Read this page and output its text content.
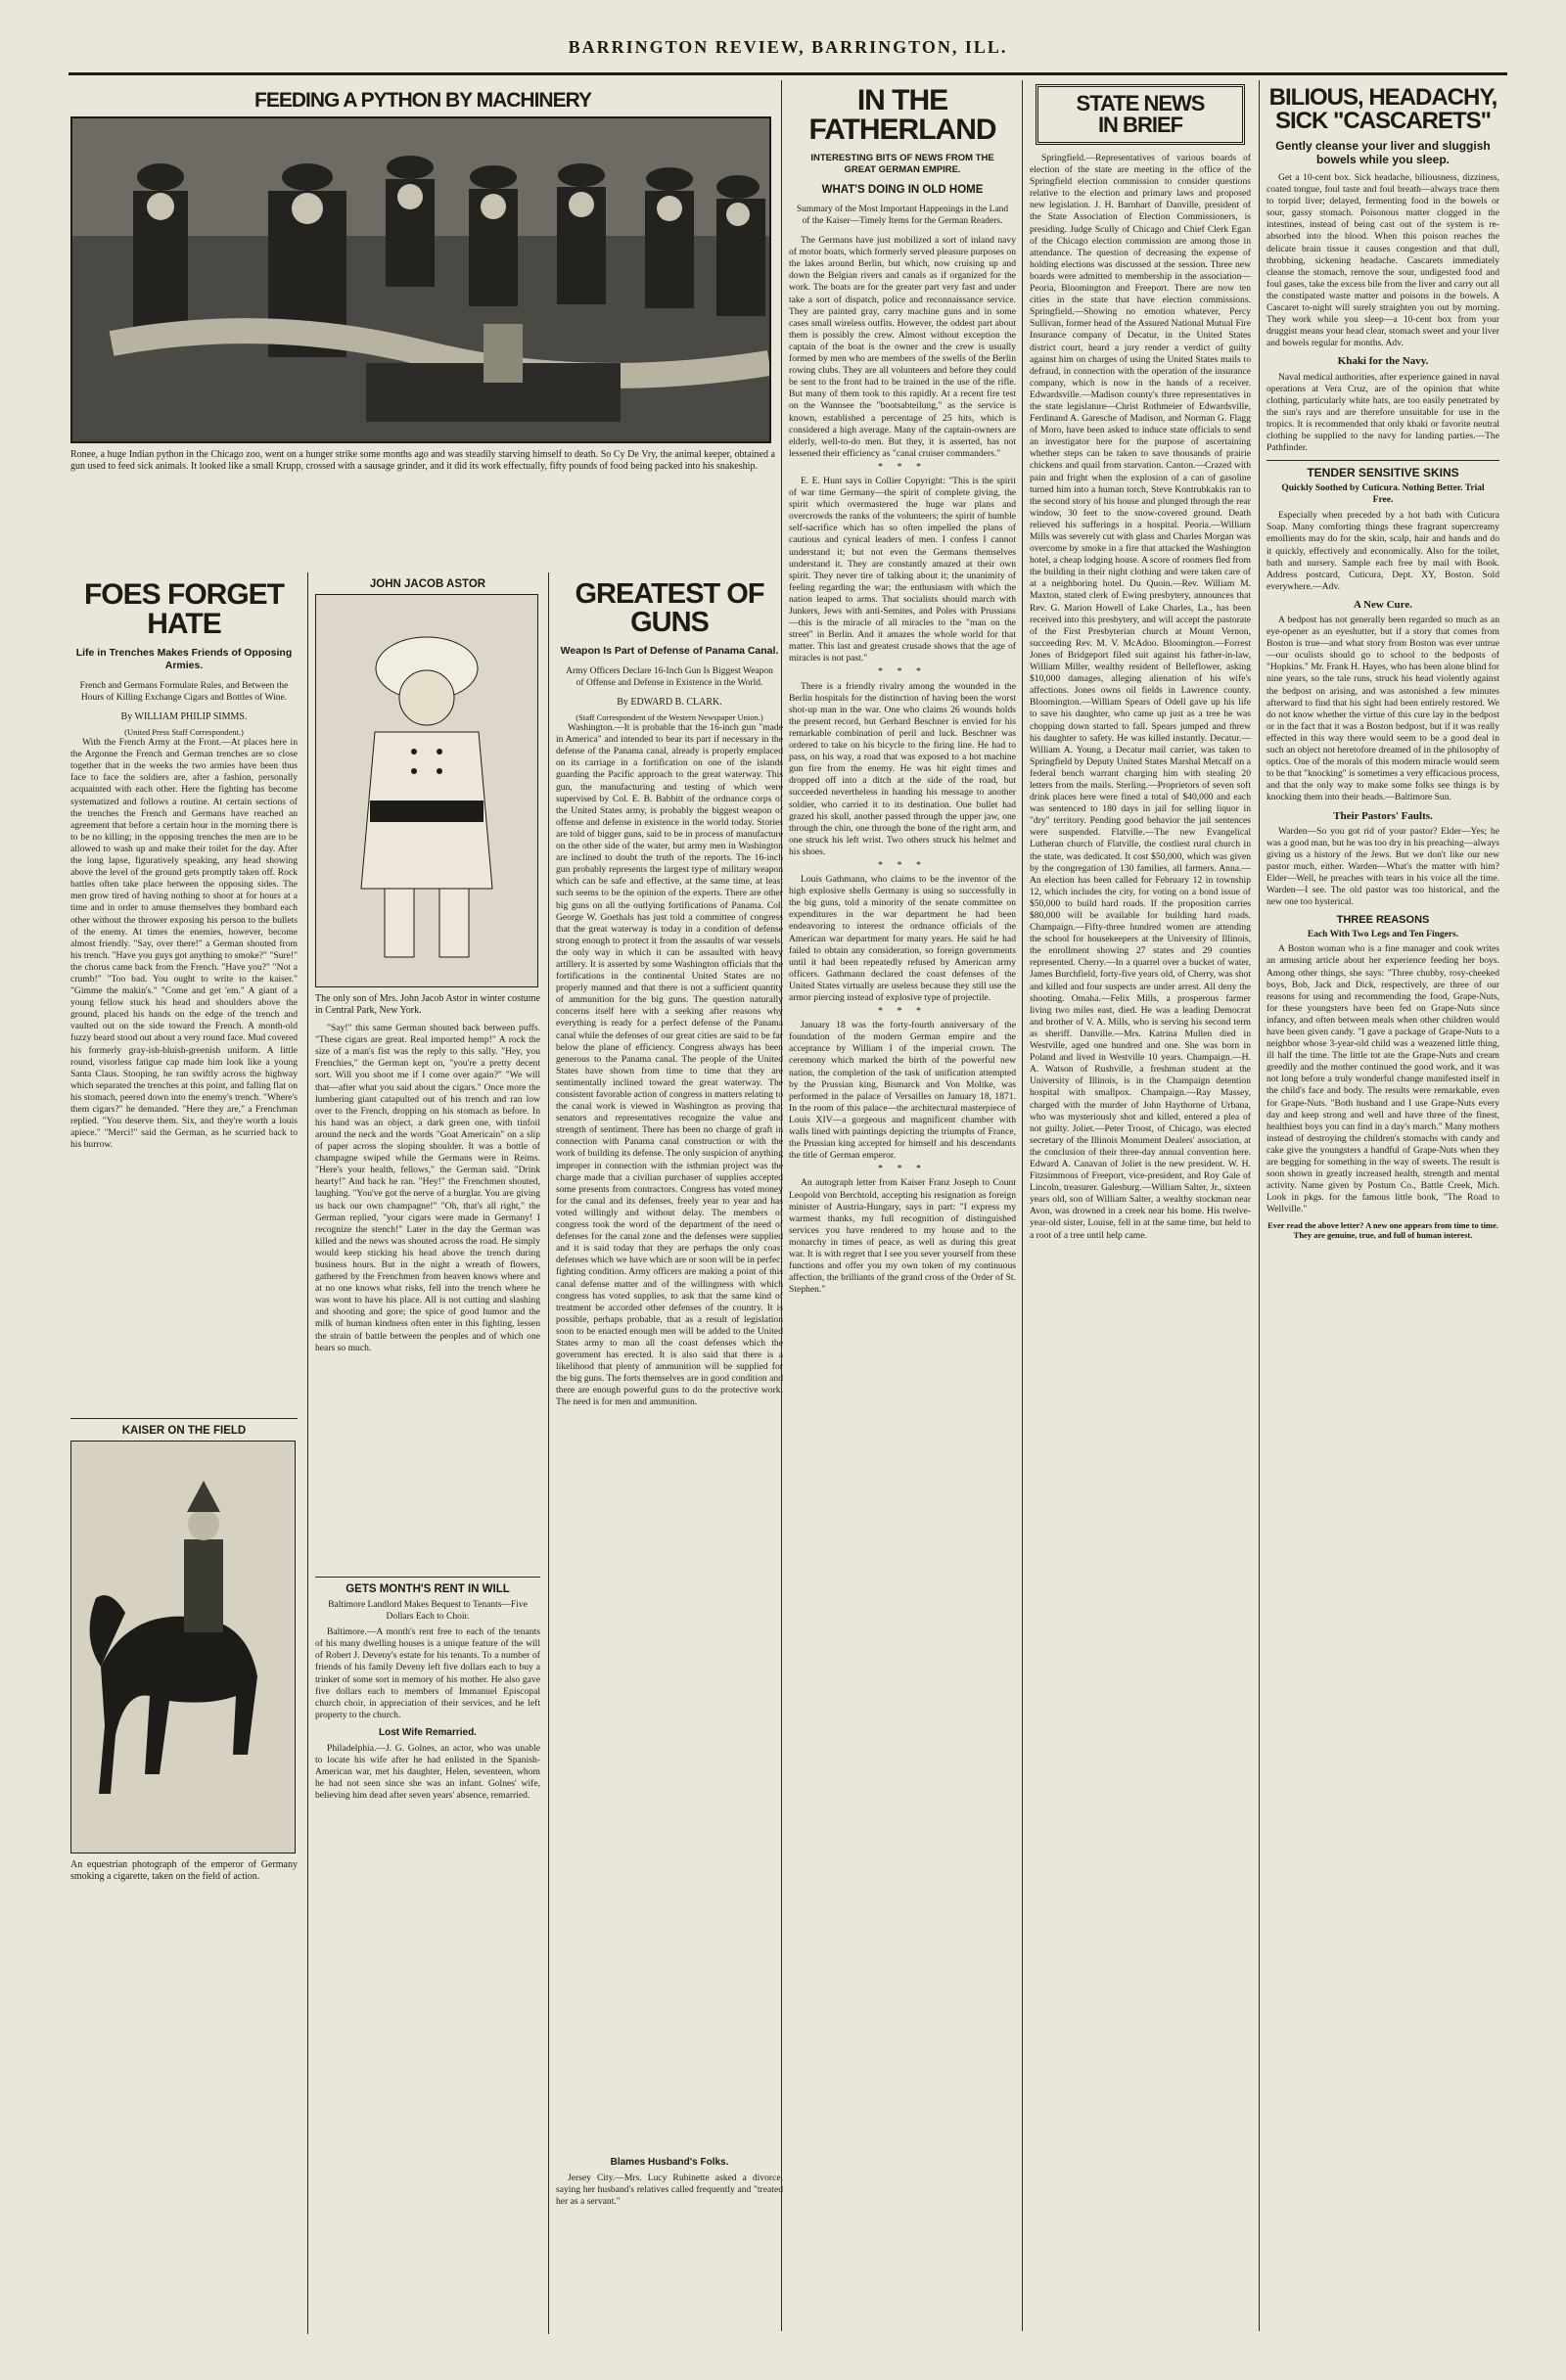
BARRINGTON REVIEW, BARRINGTON, ILL.
FEEDING A PYTHON BY MACHINERY
Ronee, a huge Indian python in the Chicago zoo, went on a hunger strike some months ago and was steadily starving himself to death. So Cy De Vry, the animal keeper, obtained a gun used to feed sick animals. It looked like a small Krupp, crossed with a sausage grinder, and it did its work effectually, fifty pounds of food being packed into his snakeship.
FOES FORGET HATE
Life in Trenches Makes Friends of Opposing Armies.
French and Germans Formulate Rules, and Between the Hours of Killing Exchange Cigars and Bottles of Wine.
By WILLIAM PHILIP SIMMS.
(United Press Staff Correspondent.)

With the French Army at the Front.—At places here in the Argonne the French and German trenches are so close together that in the weeks the two armies have been thus face to face the soldiers are, after a fashion, personally acquainted with each other. Here the fighting has become systematized and follows a routine. At certain sections of the trenches the French and Germans have reached an agreement that before a certain hour in the morning there is to be no killing; in the opposing trenches the men are to be allowed to wash up and make their toilet for the day. After the long lapse, figuratively speaking, any head showing above the level of the ground gets promptly taken off. Rock battles often take place between the opposing sides. The men grow tired of having nothing to shoot at for hours at a time and in order to amuse themselves they bombard each other without the thrower exposing his person to the bullets of the enemy. At times the enemies, however, become almost friendly. "Say, over there!" a German shouted from his trench. "Have you guys got anything to smoke?" "Sure!" the chorus came back from the French. "Have you?" "Not a crumb!" "Too bad. You ought to write to the kaiser." "Gimme the makin's." "Come and get 'em." A giant of a young fellow stuck his head and shoulders above the ground, placed his hands on the edge of the trench and vaulted out on the side toward the French. A month-old fuzzy beard stood out about a very round face. Mud covered his formerly gray-ish-bluish-greenish uniform. A little round, visorless fatigue cap made him look like a young Santa Claus. Stooping, he ran swiftly across the highway which separated the trenches at this point, and falling flat on his stomach, peered down into the enemy's trench. "Where's them cigars?" he demanded. "Here they are," a Frenchman replied. "You deserve them. Six, and they're worth a louis apiece." "Merci!" said the German, as he scurried back to his burrow.

KAISER ON THE FIELD
An equestrian photograph of the emperor of Germany smoking a cigarette, taken on the field of action.
JOHN JACOB ASTOR
The only son of Mrs. John Jacob Astor in winter costume in Central Park, New York.

"Say!" this same German shouted back between puffs. "These cigars are great. Real imported hemp!" A rock the size of a man's fist was the reply to this sally. "Hey, you Frenchies," the German kept on, "you're a pretty decent sort. Will you shoot me if I come over again?" "We will that—after what you said about the cigars." Once more the lumbering giant catapulted out of his trench and ran low over to the French, dropping on his stomach as before. In his hand was an object, a dark green one, with tinfoil around the neck and the words "Goat Americain" on a slip of paper across the sloping shoulder. It was a bottle of champagne swiped while the Germans were in Reims. "Here's your health, fellows," the German said. "Drink hearty!" And back he ran. "Hey!" the Frenchmen shouted, laughing. "You've got the nerve of a burglar. You are giving us back our own champagne!" "Oh, that's all right," the German replied, "your cigars were made in Germany! I recognize the stench!" Later in the day the German was killed and the news was shouted across the road. He simply would keep sticking his head above the trench during business hours. But in the night a wreath of flowers, gathered by the Frenchmen from heaven knows where and at no one knows what risks, fell into the trench where he was wont to have his place. All is not cutting and slashing and shooting and gore; the spice of good humor and the milk of human kindness often enter in this fighting, lessen the strain of battle between the peoples and of which one hears so much.

GETS MONTH'S RENT IN WILL
Baltimore Landlord Makes Bequest to Tenants—Five Dollars Each to Choir.

Baltimore.—A month's rent free to each of the tenants of his many dwelling houses is a unique feature of the will of Robert J. Deveny's estate for his tenants. To a number of friends of his family Deveny left five dollars each to buy a trinket of some sort in memory of his mother. He also gave five dollars each to members of Immanuel Episcopal church choir, in appreciation of their services, and he left property to the church.

Lost Wife Remarried.

Philadelphia.—J. G. Golnes, an actor, who was unable to locate his wife after he had enlisted in the Spanish-American war, met his daughter, Helen, seventeen, whom he had not seen since she was an infant. Golnes' wife, believing him dead after seven years' absence, remarried.

GREATEST OF GUNS
Weapon Is Part of Defense of Panama Canal.
Army Officers Declare 16-Inch Gun Is Biggest Weapon of Offense and Defense in Existence in the World.
By EDWARD B. CLARK.
(Staff Correspondent of the Western Newspaper Union.)

Washington.—It is probable that the 16-inch gun "made in America" and intended to bear its part if necessary in the defense of the Panama canal, already is properly emplaced on its carriage in a fortification on one of the islands guarding the Pacific approach to the great waterway. This gun, the manufacturing and testing of which were supervised by Col. E. B. Babbitt of the ordnance corps of the United States army, is probably the biggest weapon of offense and defense in existence in the world today. Stories are told of bigger guns, said to be in process of manufacture on the other side of the water, but army men in Washington are inclined to doubt the truth of the reports. The 16-inch gun probably represents the largest type of military weapon which can be safe and effective, at the same time, at least such seems to be the opinion of the experts. There are other big guns on all the outlying fortifications of Panama. Col. George W. Goethals has just told a committee of congress that the great waterway is today in a condition of defense strong enough to protect it from the assaults of war vessels, the only way in which it can be assaulted with heavy artillery. It is asserted by some Washington officials that the fortifications in the continental United States are not properly manned and that there is not a sufficient quantity of ammunition for the big guns. The question naturally concerns itself here with a seeking after reasons why everything is ready for a perfect defense of the Panama canal while the defenses of our great cities are said to be far below the plane of efficiency. Congress always has been generous to the Panama canal. The people of the United States have shown from time to time that they are sentimentally inclined toward the great waterway. The consistent favorable action of congress in matters relating to the canal work is viewed in Washington as proving that senators and representatives recognize the value and strength of sentiment. There has been no charge of graft in connection with Panama canal construction or with the work of building its defense. The only suspicion of anything improper in connection with the isthmian project was the charge made that a civilian purchaser of supplies accepted some presents from contractors. Congress has voted money for the canal and its defenses, freely year to year and has voted willingly and without delay. The members of congress took the word of the department of the need of defenses for the canal zone and the defenses were supplied and it is said today that they are perhaps the only coast defenses which we have which are or soon will be in perfect fighting condition. Army officers are making a point of this canal defense matter and of the willingness with which congress has voted supplies, to ask that the same kind of treatment be accorded other defenses of the country. It is possible, perhaps probable, that as a result of legislation soon to be enacted enough men will be added to the United States army to man all the coast defenses which the government has erected. It is also said that there is a likelihood that plenty of ammunition will be supplied for the big guns. The forts themselves are in good condition and there are enough powerful guns to do the protective work. The need is for men and ammunition.

Blames Husband's Folks.

Jersey City.—Mrs. Lucy Rubinette asked a divorce, saying her husband's relatives called frequently and "treated her as a servant."

IN THE FATHERLAND
INTERESTING BITS OF NEWS FROM THE GREAT GERMAN EMPIRE.
WHAT'S DOING IN OLD HOME
Summary of the Most Important Happenings in the Land of the Kaiser—Timely Items for the German Readers.

The Germans have just mobilized a sort of inland navy of motor boats, which formerly served pleasure purposes on the lakes around Berlin, but which, now cruising up and down the Belgian rivers and canals as if organized for the work. The boats are for the greater part very fast and under take a sort of dispatch, police and reconnaissance service. They are painted gray, carry machine guns and in some cases small wireless outfits. However, the oddest part about them is possibly the crew. Almost without exception the captain of the boat is the owner and the crew is usually formed by men who are members of the swells of the Berlin rowing clubs. They are all volunteers and before they could be sent to the front had to be trained in the use of the rifle. But many of them took to this rapidly. At a recent fire test on the Wannsee the "bootsabteilung," as the service is known, established a percentage of 25 hits, which is considered a high average. Many of the captain-owners are elderly, well-to-do men. But they, it is asserted, has not lessened their efficiency as "canal cruiser commanders."

* * *

E. E. Hunt says in Collier Copyright: "This is the spirit of war time Germany—the spirit of complete giving, the spirit which overmastered the huge war plans and overcrowds the ranks of the volunteers; the spirit of humble self-sacrifice which has so often impelled the plans of cautious and cynical leaders of men. I confess I cannot understand it; but not even the Germans themselves understand it. They are constantly amazed at their own spirit. They never tire of talking about it; the unanimity of feeling regarding the war; the enthusiasm with which the nation leaped to arms. That socialists should march with Junkers, Jews with anti-Semites, and Poles with Prussians—this is the miracle of all miracles to the "man on the street" in Berlin. And it amazes the whole world for that matter. This last and greatest crusade shows that the age of miracles is not past."

* * *

There is a friendly rivalry among the wounded in the Berlin hospitals for the distinction of having been the worst shot-up man in the war. One who claims 26 wounds holds the present record, but Gerhard Beschner is envied for his remarkable combination of peril and luck. Beschner was ordered to take on his bicycle to the firing line. He had to pass, on his way, a road that was exposed to a hot machine gun fire from the enemy. He was hit eight times and dropped off into a ditch at the side of the road, but succeeded nevertheless in handing his message to another soldier, who carried it to its destination. One bullet had grazed his skull, another passed through the upper jaw, one through the chin, one through the bone of the right arm, and one struck his left wrist. Two others struck his helmet and his shoes.

* * *

Louis Gathmann, who claims to be the inventor of the high explosive shells Germany is using so successfully in the big guns, told a minority of the senate committee on expenditures in the war department he had been endeavoring to interest the ordnance officials of the American war department for many years. He said he had failed to obtain any consideration, so foreign governments until it had been repeatedly refused by American army officers. Gathmann declared the coast defenses of the United States virtually are useless because they still use the armor piercing instead of explosive type of projectile.

* * *

January 18 was the forty-fourth anniversary of the foundation of the modern German empire and the acceptance by William I of the imperial crown. The ceremony which marked the birth of the powerful new nation, the completion of the task of unification attempted by the Prussian king, Bismarck and Von Moltke, was performed in the palace of Versailles on January 18, 1871. In the room of this palace—the architectural masterpiece of Louis XIV—a gorgeous and magnificent chamber with walls lined with paintings depicting the triumphs of France, the Prussian king accepted for himself and his descendants the title of German emperor.

* * *

An autograph letter from Kaiser Franz Joseph to Count Leopold von Berchtold, accepting his resignation as foreign minister of Austria-Hungary, says in part: "I express my warmest thanks, my full recognition of distinguished services you have rendered to my house and to the monarchy in times of peace, as well as during this great war. It is with regret that I see you sever yourself from these functions and offer you my own token of my continuous affection, the brilliants of the grand cross of the Order of St. Stephen."

STATE NEWS
IN BRIEF

Springfield.—Representatives of various boards of election of the state are meeting in the office of the Springfield election commission to consider questions relative to the election and primary laws and proposed new legislation. J. H. Barnhart of Danville, president of the State Association of Election Commissioners, is presiding. Judge Scully of Chicago and Chief Clerk Egan of the Chicago election commission are among those in attendance. The question of decreasing the expense of holding elections was discussed at the session. Three new boards were admitted to membership in the association—Peoria, Bloomington and Freeport. There are now ten cities in the state that have election commissions. Springfield.—Showing no emotion whatever, Percy Sullivan, former head of the Assured National Mutual Fire Insurance company of Decatur, in the United States district court, heard a jury render a verdict of guilty against him on charges of using the United States mails to defraud, in connection with the operation of the insurance company, which is now in the hands of a receiver. Edwardsville.—Madison county's three representatives in the state legislature—Christ Rothmeier of Edwardsville, Ferdinand A. Garesche of Madison, and Norman G. Flagg of Moro, have been asked to induce state officials to send an investigator here for the purpose of ascertaining whether steps can be taken to save thousands of prairie chickens and quail from starvation. Canton.—Crazed with pain and fright when the explosion of a can of gasoline turned him into a human torch, Steve Kontrubkakis ran to the second story of his house and plunged through the rear window, 30 feet to the snow-covered ground. Death relieved his sufferings in a hospital. Peoria.—William Mills was severely cut with glass and Charles Morgan was overcome by smoke in a fire that attacked the Washington hotel, a cheap lodging house. A score of roomers fled from the building in their night clothing and were taken care of at a neighboring hotel. Du Quoin.—Rev. William M. Maxton, stated clerk of Ewing presbytery, announces that Rev. G. Marion Howell of Lake Charles, La., has been received into this presbytery, and will accept the pastorate of the First Presbyterian church at Mount Vernon, succeeding Rev. M. V. McAdoo. Bloomington.—Forrest Jones of Bridgeport filed suit against his father-in-law, William Miller, wealthy resident of Belleflower, asking $10,000 damages, alleging alienation of his wife's affections. Jones owns oil fields in Lawrence county. Bloomington.—William Spears of Odell gave up his life to save his daughter, who came up just as a tree he was chopping down started to fall. Spears jumped and threw his daughter to safety. He was killed instantly. Decatur.—William A. Young, a Decatur mail carrier, was taken to Springfield by Deputy United States Marshal Metcalf on a federal bench warrant charging him with stealing 20 letters from the mails. Sterling.—Proprietors of seven soft drink places here were fined a total of $40,000 and each was sentenced to 180 days in jail for selling liquor in "dry" territory. Pending good behavior the jail sentences were suspended. Flatville.—The new Evangelical Lutheran church of Flatville, the costliest rural church in the state, was dedicated. It cost $50,000, which was given by the congregation of 130 families, all farmers. Anna.—An election has been called for February 12 in township 12, which includes the city, for voting on a bond issue of $50,000 to build hard roads. If the proposition carries $80,000 will be available for building hard roads. Champaign.—Fifty-three hundred women are attending the school for housekeepers at the University of Illinois, the enrollment showing 27 states and 29 counties represented. Cherry.—In a quarrel over a bucket of water, James Burchfield, forty-five years old, of Cherry, was shot and killed and four suspects are under arrest. All deny the shooting. Omaha.—Felix Mills, a prosperous farmer living two miles east, died. He was a leading Democrat and brother of V. A. Mills, who is serving his second term as sheriff. Danville.—Mrs. Katrina Mullen died in Westville, aged one hundred and one. She was born in Poland and lived in Westville 10 years. Champaign.—H. A. Watson of Rushville, a freshman student at the University of Illinois, is in the Champaign detention hospital with smallpox. Champaign.—Ray Massey, charged with the murder of John Haythorne of Urbana, who was mysteriously shot and killed, entered a plea of not guilty. Joliet.—Peter Troost, of Chicago, was elected secretary of the Illinois Monument Dealers' association, at the conclusion of their three-day annual convention here. Edward A. Canavan of Joliet is the new president. W. H. Fitzsimmons of Freeport, vice-president, and Roy Gale of Lincoln, treasurer. Galesburg.—William Salter, Jr., sixteen years old, son of William Salter, a wealthy stockman near Avon, was drowned in a creek near his home. His twelve-year-old sister, Louise, fell in at the same time, but held to a root of a tree until help came.

BILIOUS, HEADACHY,
SICK "CASCARETS"
Gently cleanse your liver and sluggish bowels while you sleep.

Get a 10-cent box. Sick headache, biliousness, dizziness, coated tongue, foul taste and foul breath—always trace them to torpid liver; delayed, fermenting food in the bowels or sour, gassy stomach. Poisonous matter clogged in the intestines, instead of being cast out of the system is re-absorbed into the blood. When this poison reaches the delicate brain tissue it causes congestion and that dull, throbbing, sickening headache. Cascarets immediately cleanse the stomach, remove the sour, undigested food and foul gases, take the excess bile from the liver and carry out all the constipated waste matter and poisons in the bowels. A Cascaret to-night will surely straighten you out by morning. They work while you sleep—a 10-cent box from your druggist means your head clear, stomach sweet and your liver and bowels regular for months. Adv.

Khaki for the Navy.

Naval medical authorities, after experience gained in naval operations at Vera Cruz, are of the opinion that white clothing, particularly white hats, are too easily penetrated by the sun's rays and are therefore unsuitable for use in the tropics. It is recommended that only khaki or favorite neutral clothing be supplied to the navy for landing parties.—The Pathfinder.

TENDER SENSITIVE SKINS
Quickly Soothed by Cuticura. Nothing Better. Trial Free.

Especially when preceded by a hot bath with Cuticura Soap. Many comforting things these fragrant supercreamy emollients may do for the skin, scalp, hair and hands and do it quickly, effectively and economically. Also for the toilet, bath and nursery. Sample each free by mail with Book. Address postcard, Cuticura, Dept. XY, Boston. Sold everywhere.—Adv.

A New Cure.

A bedpost has not generally been regarded so much as an eye-opener as an eyeshutter, but if a story that comes from Boston is true—and what story from Boston was ever untrue—our oculists should go to school to the bedposts of "Hopkins." Mr. Frank H. Hayes, who has been alone blind for nine years, so the tale runs, struck his head violently against the bedpost on arising, and was astonished a few minutes afterward to find that his sight had been entirely restored. We do not know whether the virtue of this cure lay in the bedpost or in the fact that it was a Boston bedpost, but if it was really effected in this way there would seem to be a good deal in such an object not heretofore dreamed of in the philosophy of optics. One of the morals of this modern miracle would seem to be that "knocking" is sometimes a very efficacious process, and that the only way to make some folks see things is by knocking them into their heads.—Baltimore Sun.

Their Pastors' Faults.

Warden—So you got rid of your pastor? Elder—Yes; he was a good man, but he was too dry in his preaching—always giving us a history of the Jews. But we don't like our new pastor much, either. Warden—What's the matter with him? Elder—Well, he preaches with tears in his voice all the time. Warden—I see. The old pastor was too historical, and the new one too hysterical.

THREE REASONS
Each With Two Legs and Ten Fingers.

A Boston woman who is a fine manager and cook writes an amusing article about her experience feeding her boys. Among other things, she says: "Three chubby, rosy-cheeked boys, Bob, Jack and Dick, respectively, are three of our reasons for using and recommending the food, Grape-Nuts, for these youngsters have been fed on Grape-Nuts since infancy, and often between meals when other children would have been given candy. "I gave a package of Grape-Nuts to a neighbor whose 3-year-old child was a weazened little thing, ill half the time. The little tot ate the Grape-Nuts and cream greedily and the mother continued the good work, and it was not long before a truly wonderful change manifested itself in the child's face and body. The results were remarkable, even for Grape-Nuts. "Both husband and I use Grape-Nuts every day and keep strong and well and have three of the finest, healthiest boys you can find in a day's march." Many mothers instead of destroying the children's stomachs with candy and cake give the youngsters a handful of Grape-Nuts when they are begging for something in the way of sweets. The result is soon shown in greatly increased health, strength and mental activity. Name given by Postum Co., Battle Creek, Mich. Look in pkgs. for the famous little book, "The Road to Wellville."

Ever read the above letter? A new one appears from time to time. They are genuine, true, and full of human interest.
